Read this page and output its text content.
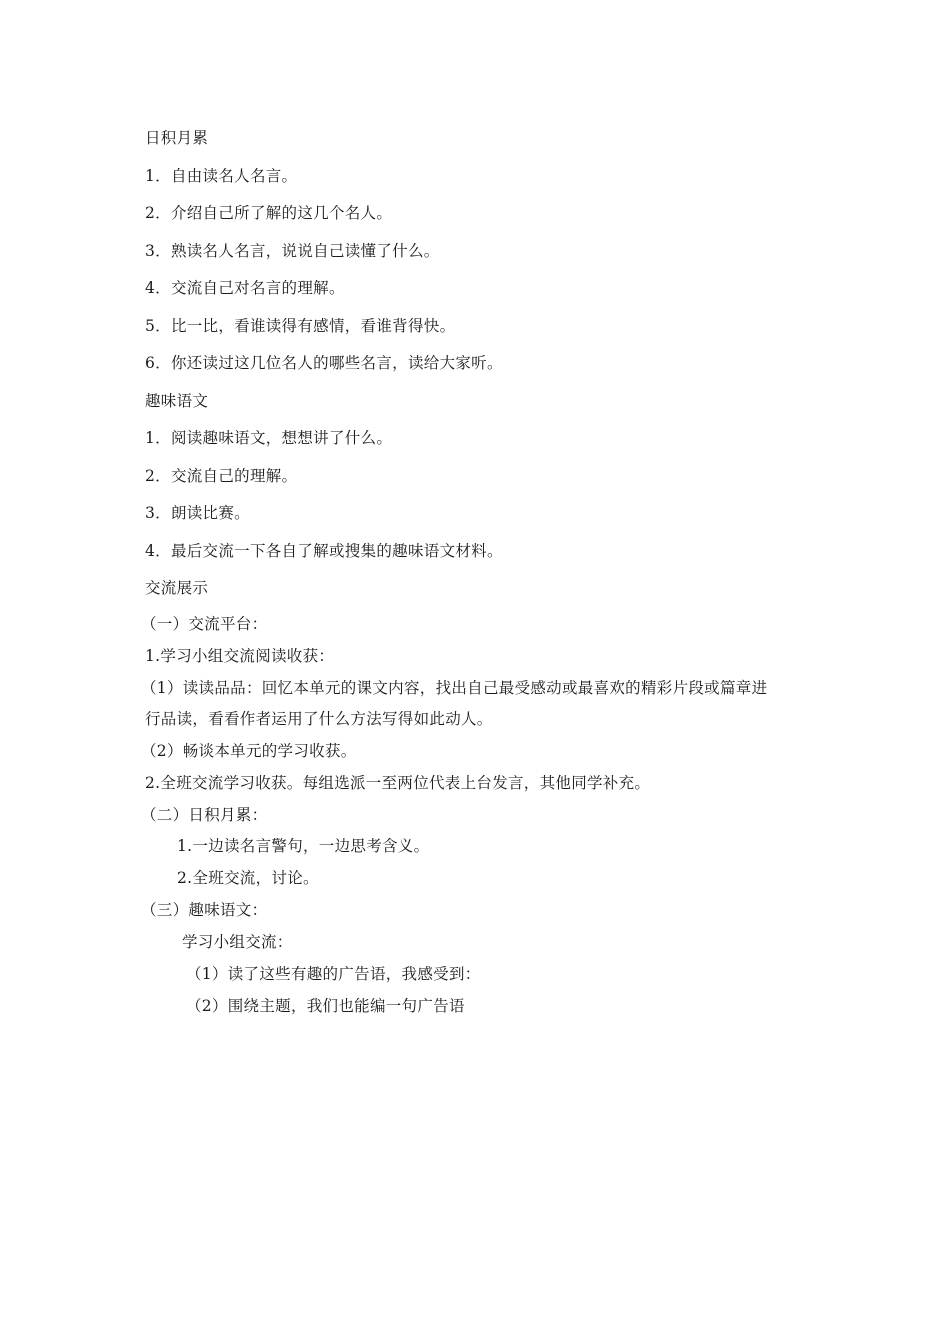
日积月累
1．自由读名人名言。
2．介绍自己所了解的这几个名人。
3．熟读名人名言，说说自己读懂了什么。
4．交流自己对名言的理解。
5．比一比，看谁读得有感情，看谁背得快。
6．你还读过这几位名人的哪些名言，读给大家听。
趣味语文
1．阅读趣味语文，想想讲了什么。
2．交流自己的理解。
3．朗读比赛。
4．最后交流一下各自了解或搜集的趣味语文材料。
交流展示
（一）交流平台：
1.学习小组交流阅读收获：
（1）读读品品：回忆本单元的课文内容，找出自己最受感动或最喜欢的精彩片段或篇章进
行品读，看看作者运用了什么方法写得如此动人。
（2）畅谈本单元的学习收获。
2.全班交流学习收获。每组选派一至两位代表上台发言，其他同学补充。
（二）日积月累：
1.一边读名言警句，一边思考含义。
2.全班交流，讨论。
（三）趣味语文：
学习小组交流：
（1）读了这些有趣的广告语，我感受到：
（2）围绕主题，我们也能编一句广告语
